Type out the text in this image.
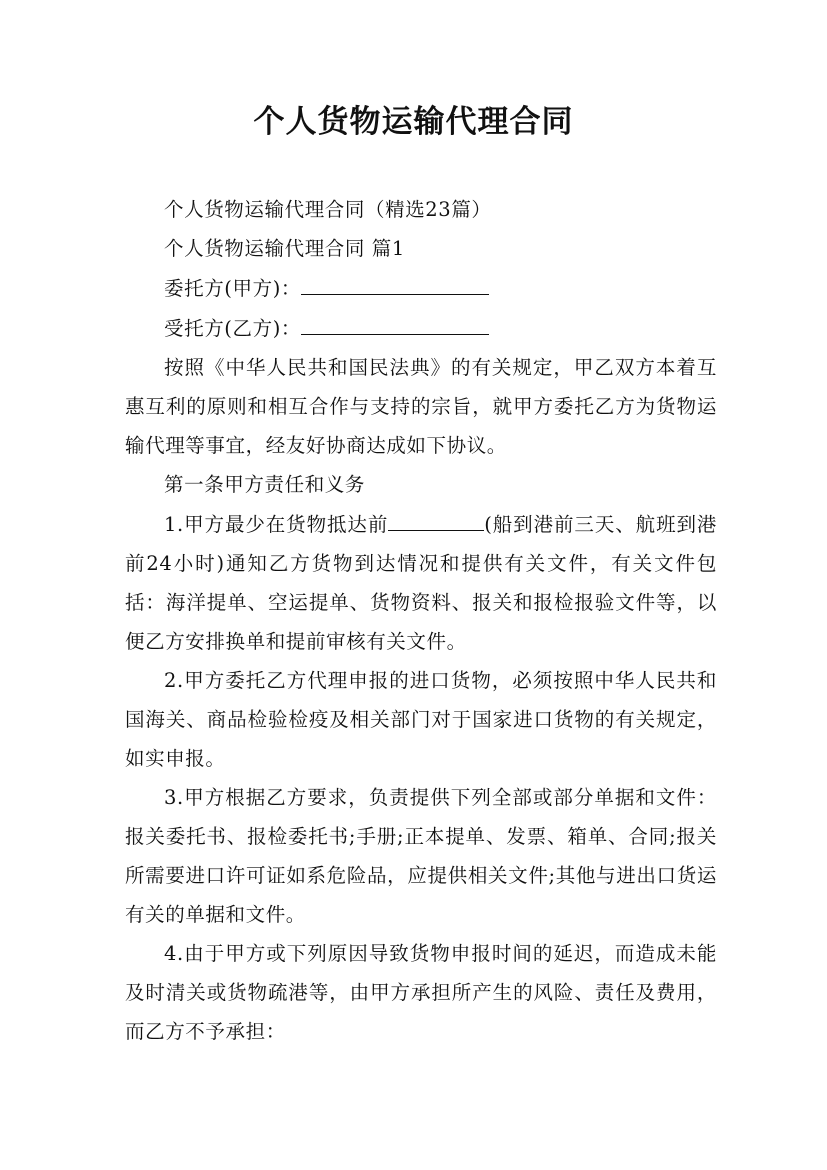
个人货物运输代理合同

个人货物运输代理合同（精选23篇）

个人货物运输代理合同 篇1

委托方(甲方)：

受托方(乙方)：

按照《中华人民共和国民法典》的有关规定，甲乙双方本着互惠互利的原则和相互合作与支持的宗旨，就甲方委托乙方为货物运输代理等事宜，经友好协商达成如下协议。

第一条甲方责任和义务

1.甲方最少在货物抵达前	(船到港前三天、航班到港前24小时)通知乙方货物到达情况和提供有关文件，有关文件包括：海洋提单、空运提单、货物资料、报关和报检报验文件等，以便乙方安排换单和提前审核有关文件。

2.甲方委托乙方代理申报的进口货物，必须按照中华人民共和国海关、商品检验检疫及相关部门对于国家进口货物的有关规定，如实申报。

3.甲方根据乙方要求，负责提供下列全部或部分单据和文件：报关委托书、报检委托书;手册;正本提单、发票、箱单、合同;报关所需要进口许可证如系危险品，应提供相关文件;其他与进出口货运有关的单据和文件。

4.由于甲方或下列原因导致货物申报时间的延迟，而造成未能及时清关或货物疏港等，由甲方承担所产生的风险、责任及费用，而乙方不予承担：
